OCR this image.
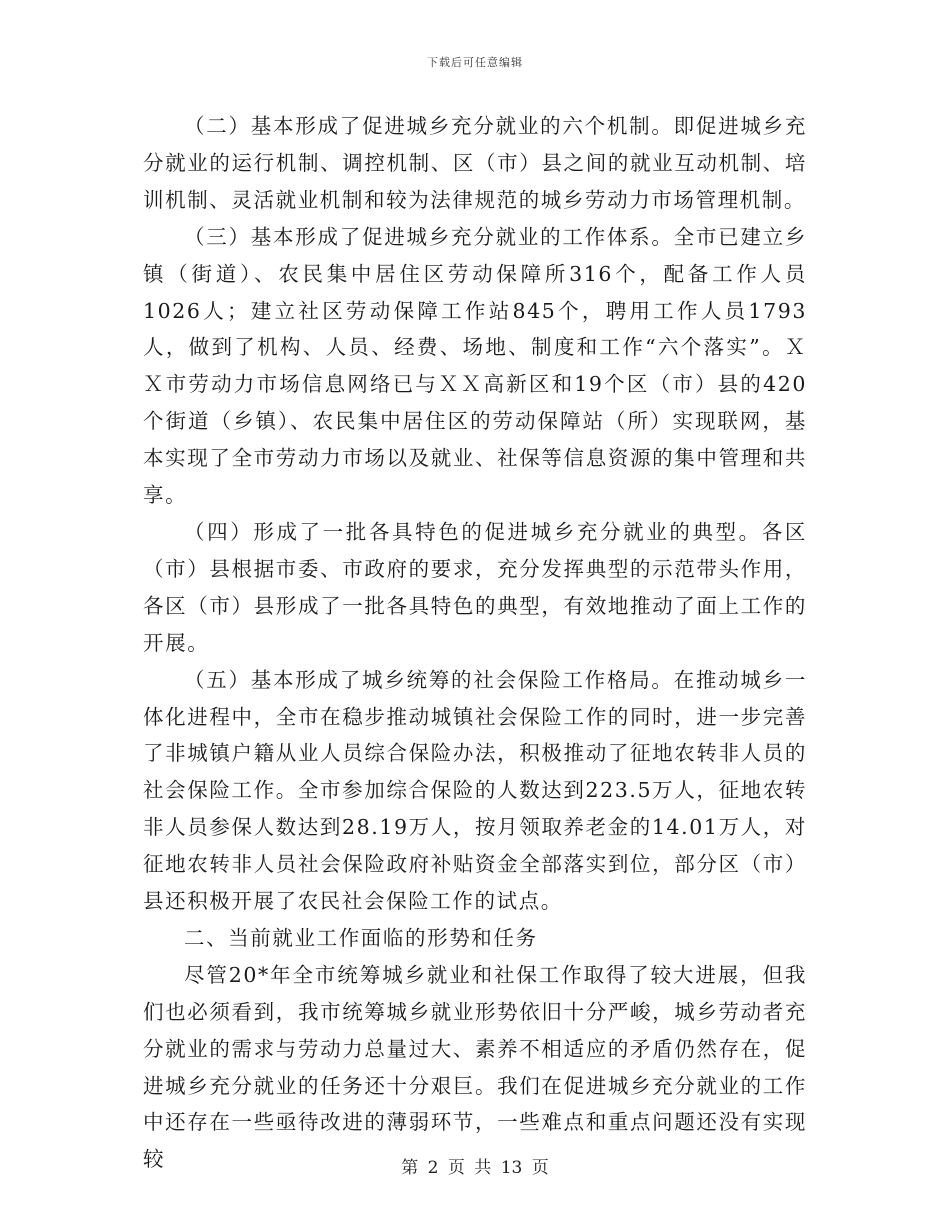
下载后可任意编辑

（二）基本形成了促进城乡充分就业的六个机制。即促进城乡充分就业的运行机制、调控机制、区（市）县之间的就业互动机制、培训机制、灵活就业机制和较为法律规范的城乡劳动力市场管理机制。

（三）基本形成了促进城乡充分就业的工作体系。全市已建立乡镇（街道）、农民集中居住区劳动保障所316个，配备工作人员1026人；建立社区劳动保障工作站845个，聘用工作人员1793人，做到了机构、人员、经费、场地、制度和工作“六个落实”。ＸＸ市劳动力市场信息网络已与ＸＸ高新区和19个区（市）县的420个街道（乡镇）、农民集中居住区的劳动保障站（所）实现联网，基本实现了全市劳动力市场以及就业、社保等信息资源的集中管理和共享。

（四）形成了一批各具特色的促进城乡充分就业的典型。各区（市）县根据市委、市政府的要求，充分发挥典型的示范带头作用，各区（市）县形成了一批各具特色的典型，有效地推动了面上工作的开展。

（五）基本形成了城乡统筹的社会保险工作格局。在推动城乡一体化进程中，全市在稳步推动城镇社会保险工作的同时，进一步完善了非城镇户籍从业人员综合保险办法，积极推动了征地农转非人员的社会保险工作。全市参加综合保险的人数达到223.5万人，征地农转非人员参保人数达到28.19万人，按月领取养老金的14.01万人，对征地农转非人员社会保险政府补贴资金全部落实到位，部分区（市）县还积极开展了农民社会保险工作的试点。

二、当前就业工作面临的形势和任务

尽管20*年全市统筹城乡就业和社保工作取得了较大进展，但我们也必须看到，我市统筹城乡就业形势依旧十分严峻，城乡劳动者充分就业的需求与劳动力总量过大、素养不相适应的矛盾仍然存在，促进城乡充分就业的任务还十分艰巨。我们在促进城乡充分就业的工作中还存在一些亟待改进的薄弱环节，一些难点和重点问题还没有实现较	第 2 页 共 13 页
